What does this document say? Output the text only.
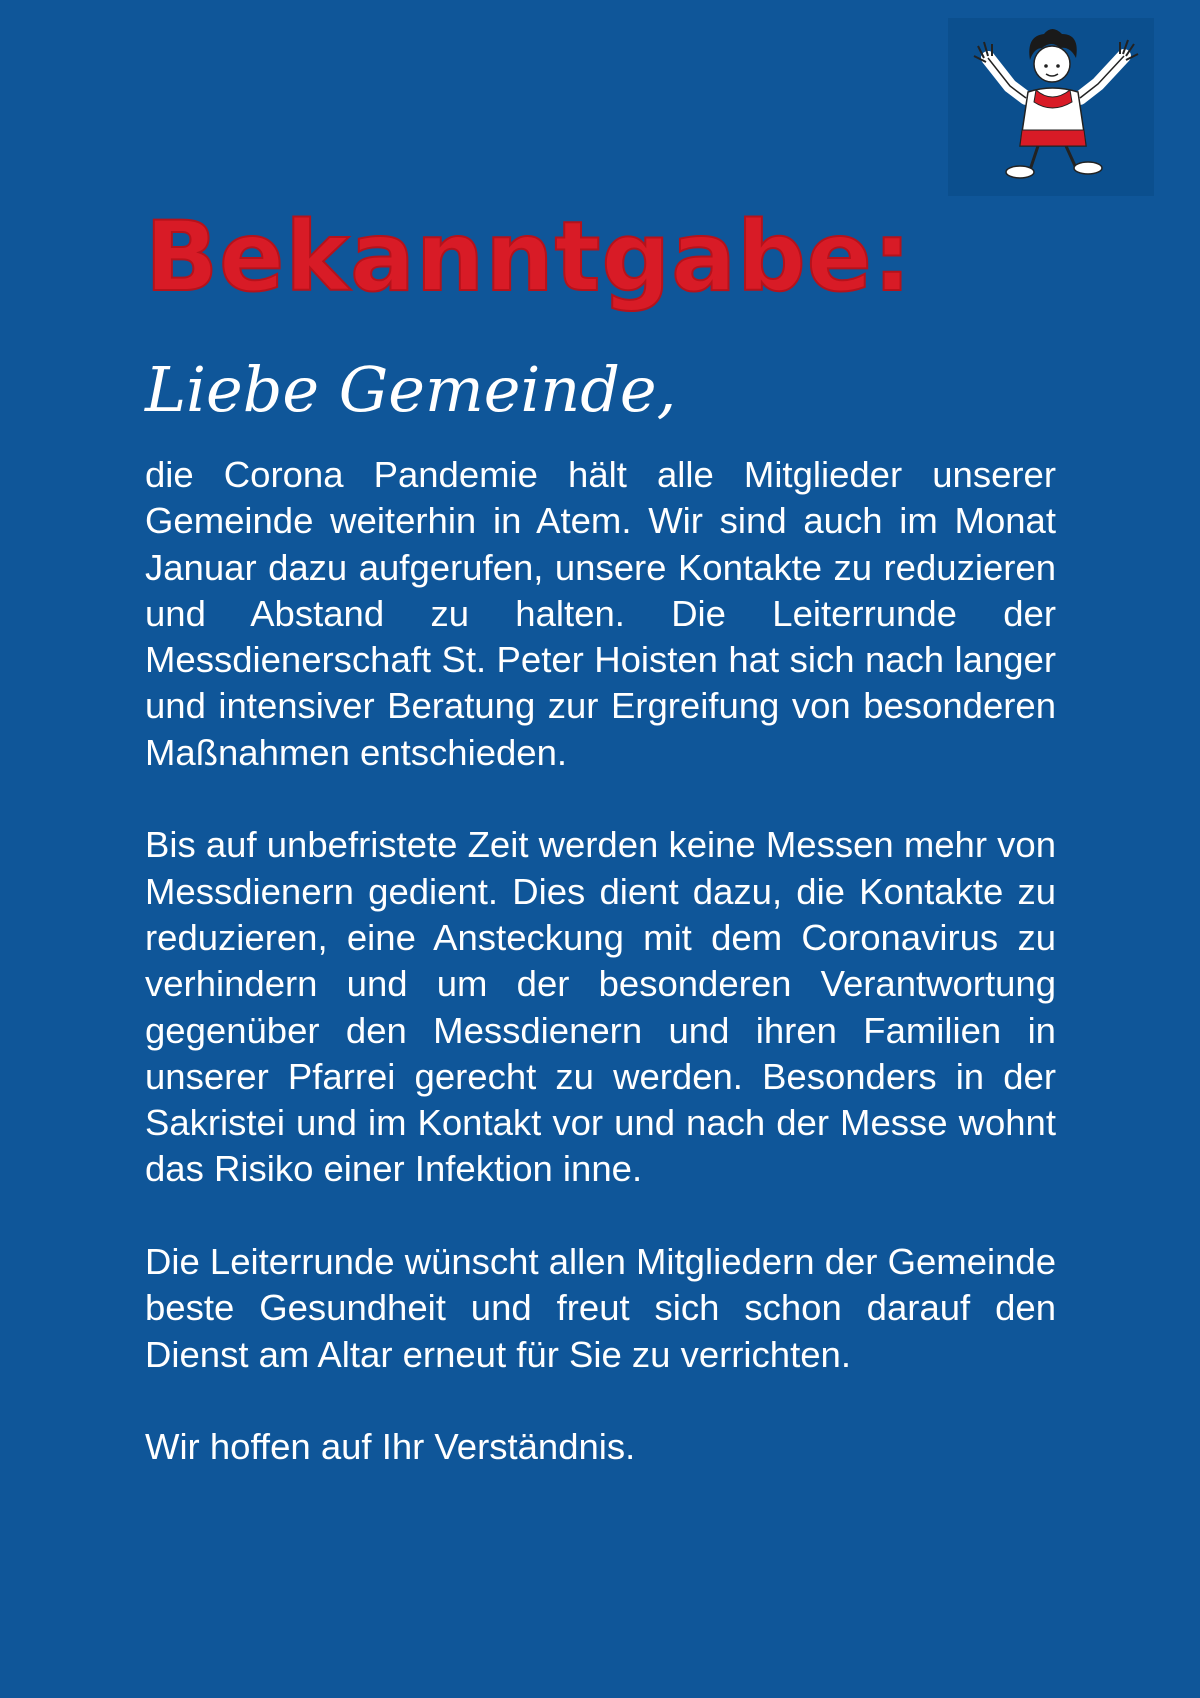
Bekanntgabe:
Liebe Gemeinde,

die Corona Pandemie hält alle Mitglieder unserer Gemeinde weiterhin in Atem. Wir sind auch im Monat Januar dazu aufgerufen, unsere Kontakte zu reduzieren und Abstand zu halten. Die Leiterrunde der Messdienerschaft St. Peter Hoisten hat sich nach langer und intensiver Beratung zur Ergreifung von besonderen Maßnahmen entschieden.

Bis auf unbefristete Zeit werden keine Messen mehr von Messdienern gedient. Dies dient dazu, die Kontakte zu reduzieren, eine Ansteckung mit dem Coronavirus zu verhindern und um der besonderen Verantwortung gegenüber den Messdienern und ihren Familien in unserer Pfarrei gerecht zu werden. Besonders in der Sakristei und im Kontakt vor und nach der Messe wohnt das Risiko einer Infektion inne.

Die Leiterrunde wünscht allen Mitgliedern der Gemeinde beste Gesundheit und freut sich schon darauf den Dienst am Altar erneut für Sie zu verrichten.

Wir hoffen auf Ihr Verständnis.
